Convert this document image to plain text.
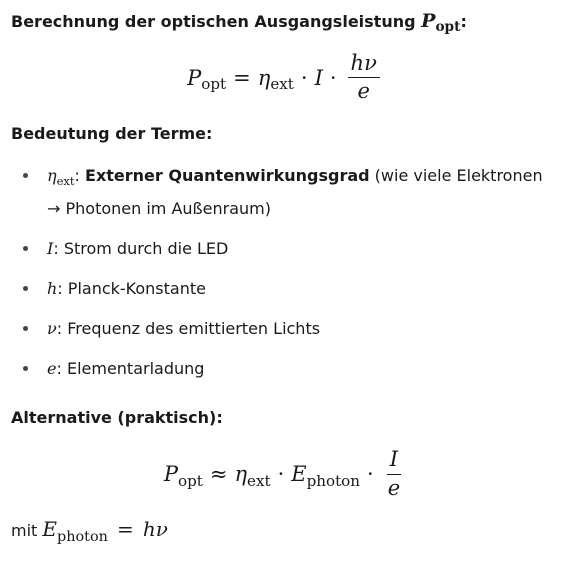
Berechnung der optischen Ausgangsleistung $P_{opt}$:
$P_{opt} = \eta_{ext} \cdot I \cdot \frac{h\nu}{e}$
Bedeutung der Terme:
$\eta_{ext}$: Externer Quantenwirkungsgrad (wie viele Elektronen → Photonen im Außenraum)
I: Strom durch die LED
h: Planck-Konstante
ν: Frequenz des emittierten Lichts
e: Elementarladung
Alternative (praktisch):
$P_{opt} \approx \eta_{ext} \cdot E_{photon} \cdot \frac{I}{e}$
mit $E_{photon} = h\nu$
